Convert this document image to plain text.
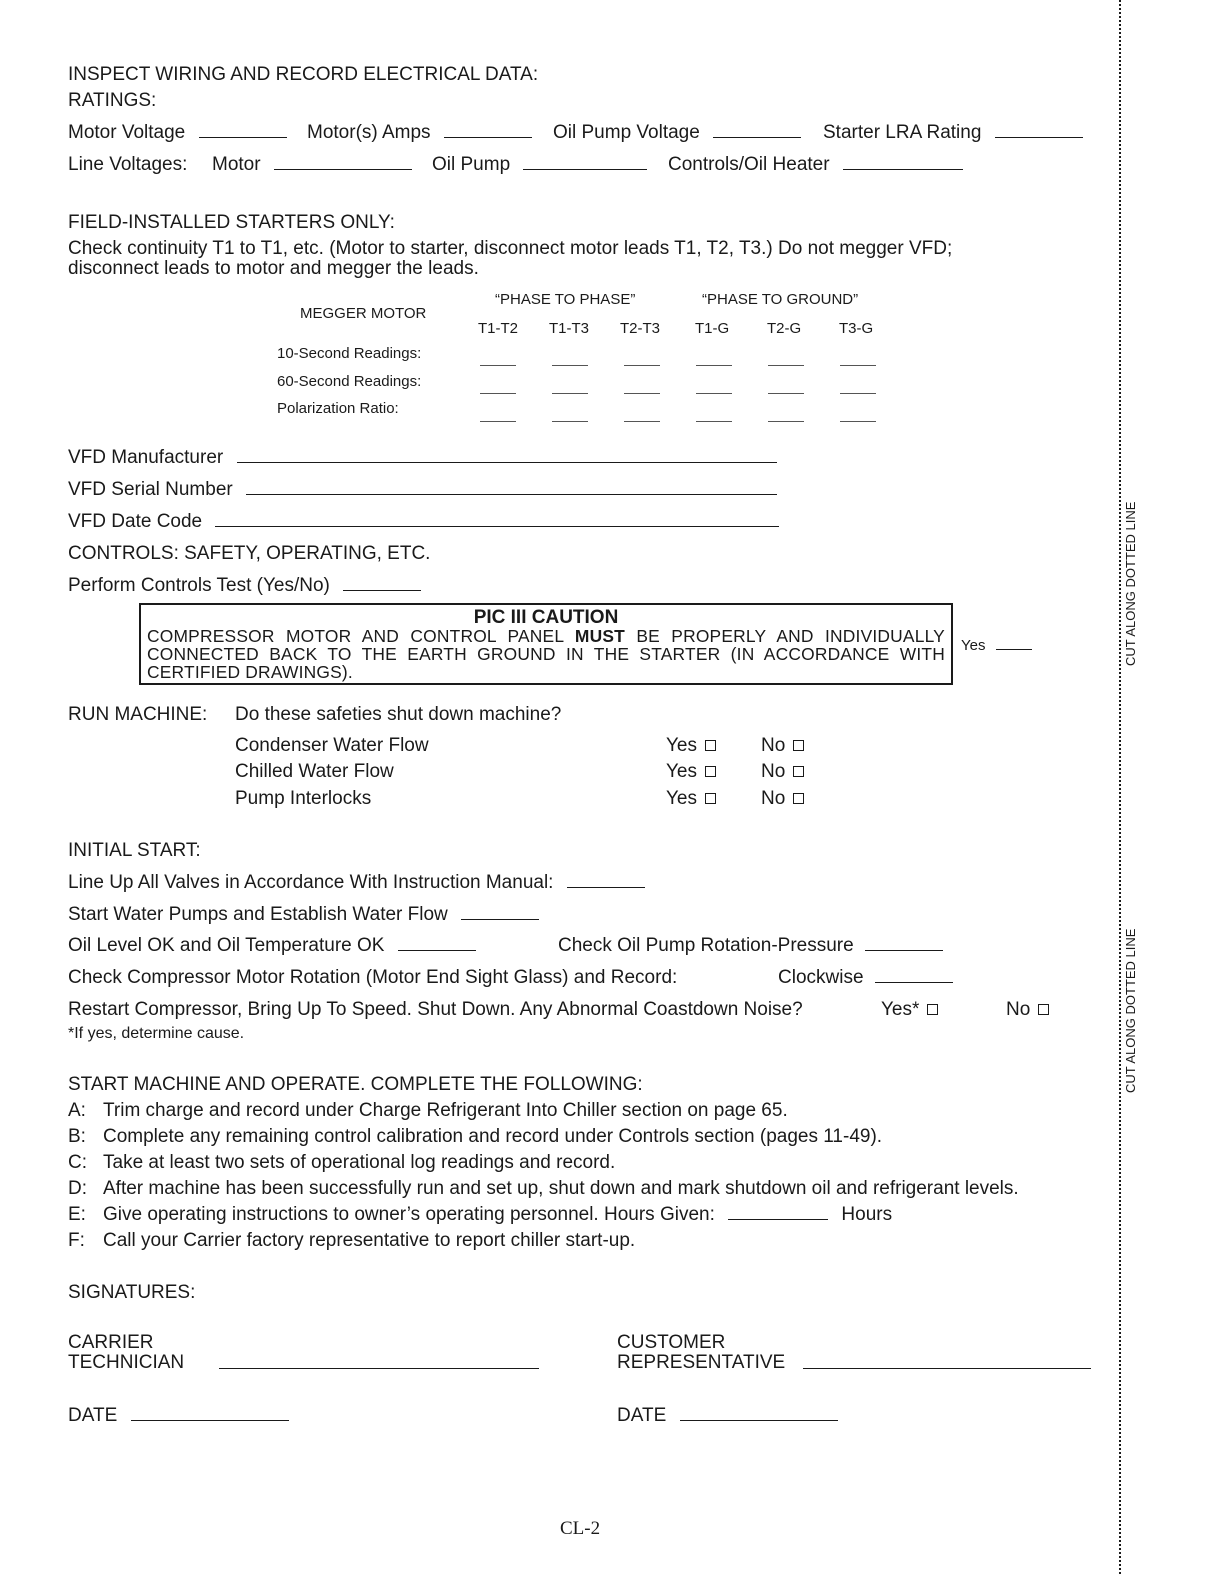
INSPECT WIRING AND RECORD ELECTRICAL DATA:
RATINGS:
Motor Voltage	Motor(s) Amps	Oil Pump Voltage	Starter LRA Rating
Line Voltages: Motor	Oil Pump	Controls/Oil Heater
FIELD-INSTALLED STARTERS ONLY:
Check continuity T1 to T1, etc. (Motor to starter, disconnect motor leads T1, T2, T3.) Do not megger VFD;
disconnect leads to motor and megger the leads.
MEGGER MOTOR
“PHASE TO PHASE”	“PHASE TO GROUND”
T1-T2 T1-T3 T2-T3 T1-G	T2-G	T3-G
10-Second Readings:
60-Second Readings:
Polarization Ratio:
VFD Manufacturer
VFD Serial Number
VFD Date Code
CONTROLS: SAFETY, OPERATING, ETC.
Perform Controls Test (Yes/No)
PIC III CAUTION
COMPRESSOR MOTOR AND CONTROL PANEL MUST BE PROPERLY AND INDIVIDUALLY CONNECTED BACK TO THE EARTH GROUND IN THE STARTER (IN ACCORDANCE WITH CERTIFIED DRAWINGS).
Yes
RUN MACHINE: Do these safeties shut down machine?
Condenser Water Flow	Yes	No
Chilled Water Flow	Yes	No
Pump Interlocks	Yes	No
INITIAL START:
Line Up All Valves in Accordance With Instruction Manual:
Start Water Pumps and Establish Water Flow
Oil Level OK and Oil Temperature OK	Check Oil Pump Rotation-Pressure
Check Compressor Motor Rotation (Motor End Sight Glass) and Record:	Clockwise
Restart Compressor, Bring Up To Speed. Shut Down. Any Abnormal Coastdown Noise?	Yes*	No
*If yes, determine cause.
START MACHINE AND OPERATE. COMPLETE THE FOLLOWING:
A: Trim charge and record under Charge Refrigerant Into Chiller section on page 65.
B: Complete any remaining control calibration and record under Controls section (pages 11-49).
C: Take at least two sets of operational log readings and record.
D: After machine has been successfully run and set up, shut down and mark shutdown oil and refrigerant levels.
E: Give operating instructions to owner’s operating personnel. Hours Given:	Hours
F: Call your Carrier factory representative to report chiller start-up.
SIGNATURES:
CARRIER
TECHNICIAN
CUSTOMER
REPRESENTATIVE
DATE	DATE
CL-2
CUT ALONG DOTTED LINE
CUT ALONG DOTTED LINE
